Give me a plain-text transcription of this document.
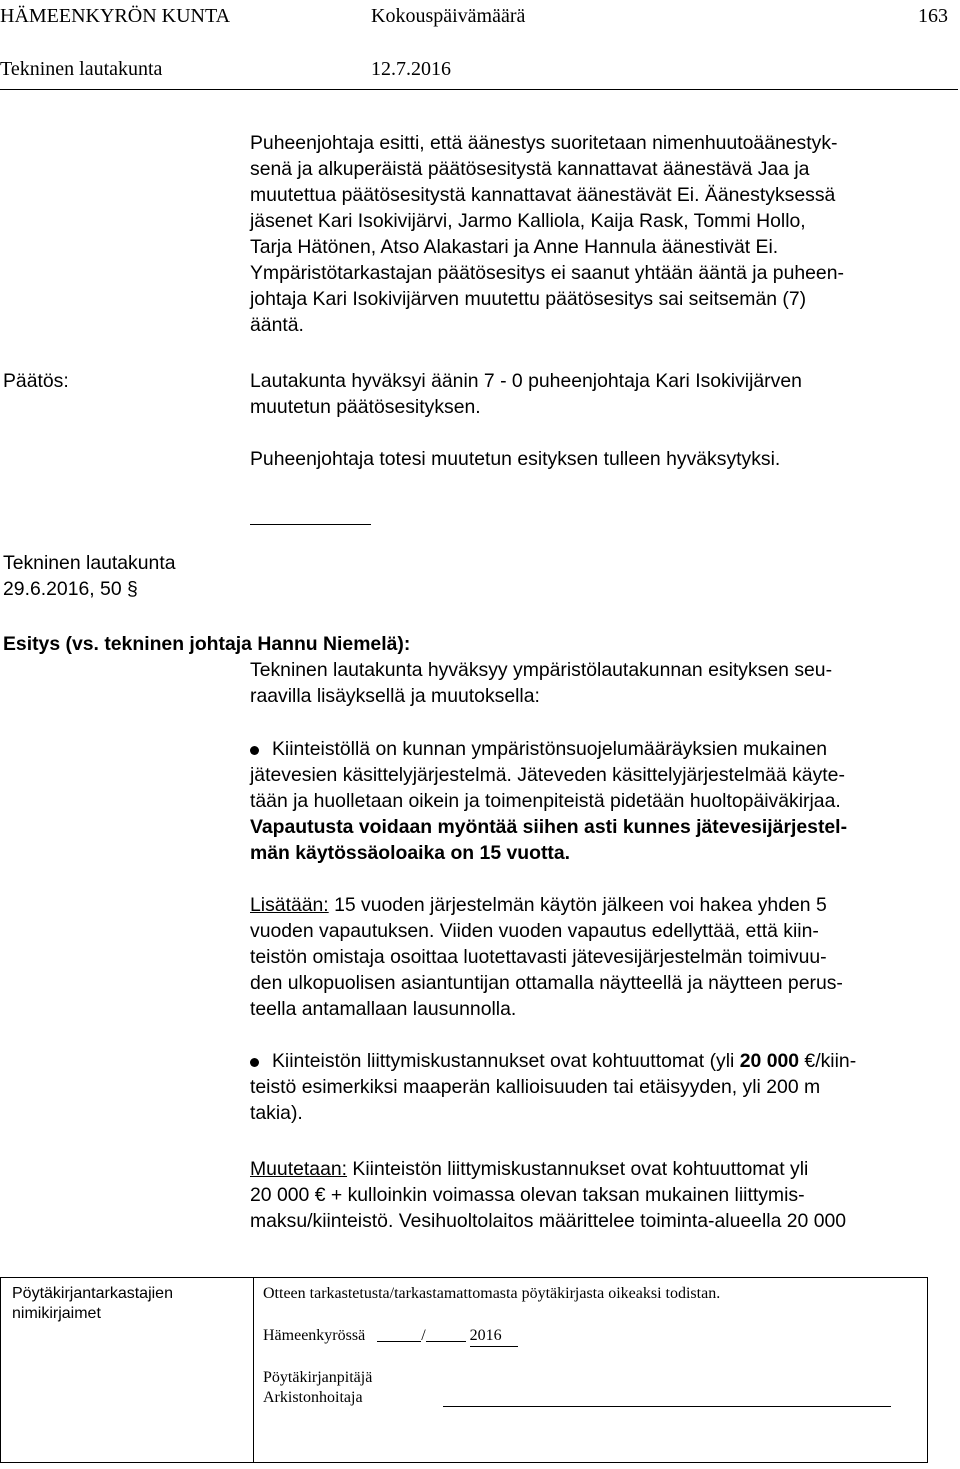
HÄMEENKYRÖN KUNTA	Kokouspäivämäärä	163
Tekninen lautakunta	12.7.2016

Puheenjohtaja esitti, että äänestys suoritetaan nimenhuutoäänestyk-

senä ja alkuperäistä päätösesitystä kannattavat äänestävä Jaa ja

muutettua päätösesitystä kannattavat äänestävät Ei. Äänestyksessä

jäsenet Kari Isokivijärvi, Jarmo Kalliola, Kaija Rask, Tommi Hollo,

Tarja Hätönen, Atso Alakastari ja Anne Hannula äänestivät Ei.

Ympäristötarkastajan päätösesitys ei saanut yhtään ääntä ja puheen-

johtaja Kari Isokivijärven muutettu päätösesitys sai seitsemän (7)

ääntä.

Päätös:	Lautakunta hyväksyi äänin 7 - 0 puheenjohtaja Kari Isokivijärven

muutetun päätösesityksen.

Puheenjohtaja totesi muutetun esityksen tulleen hyväksytyksi.

Tekninen lautakunta

29.6.2016, 50 §

Esitys (vs. tekninen johtaja Hannu Niemelä):

Tekninen lautakunta hyväksyy ympäristölautakunnan esityksen seu-

raavilla lisäyksellä ja muutoksella:

Kiinteistöllä on kunnan ympäristönsuojelumääräyksien mukainen

jätevesien käsittelyjärjestelmä. Jäteveden käsittelyjärjestelmää käyte-

tään ja huolletaan oikein ja toimenpiteistä pidetään huoltopäiväkirjaa.

Vapautusta voidaan myöntää siihen asti kunnes jätevesijärjestel-

män käytössäoloaika on 15 vuotta.

Lisätään: 15 vuoden järjestelmän käytön jälkeen voi hakea yhden 5

vuoden vapautuksen. Viiden vuoden vapautus edellyttää, että kiin-

teistön omistaja osoittaa luotettavasti jätevesijärjestelmän toimivuu-

den ulkopuolisen asiantuntijan ottamalla näytteellä ja näytteen perus-

teella antamallaan lausunnolla.

Kiinteistön liittymiskustannukset ovat kohtuuttomat (yli 20 000 €/kiin-

teistö esimerkiksi maaperän kallioisuuden tai etäisyyden, yli 200 m

takia).

Muutetaan: Kiinteistön liittymiskustannukset ovat kohtuuttomat yli

20 000 € + kulloinkin voimassa olevan taksan mukainen liittymis-

maksu/kiinteistö. Vesihuoltolaitos määrittelee toiminta-alueella 20 000

Pöytäkirjantarkastajien
nimikirjaimet
Otteen tarkastetusta/tarkastamattomasta pöytäkirjasta oikeaksi todistan.
Hämeenkyrössä	/	2016
Pöytäkirjanpitäjä
Arkistonhoitaja
